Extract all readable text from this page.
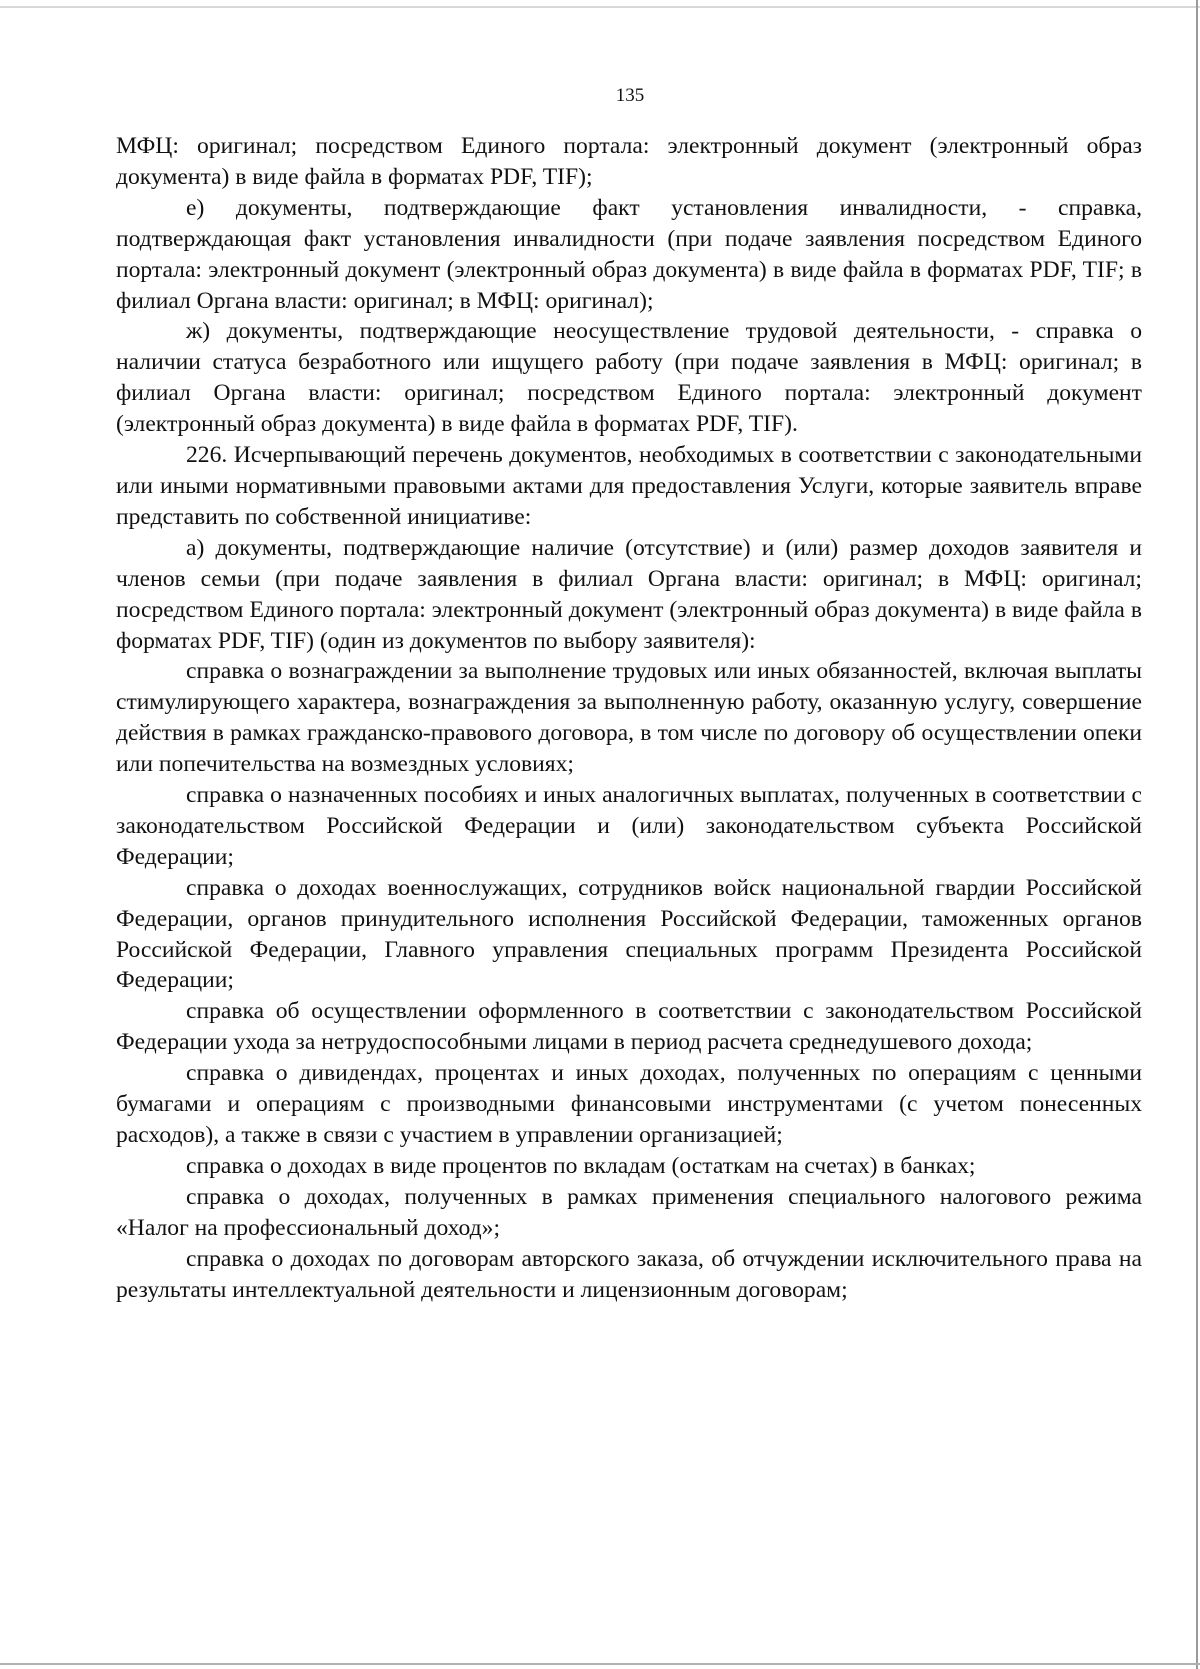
135

МФЦ: оригинал; посредством Единого портала: электронный документ (электронный образ документа) в виде файла в форматах PDF, TIF);

е) документы, подтверждающие факт установления инвалидности, - справка, подтверждающая факт установления инвалидности (при подаче заявления посредством Единого портала: электронный документ (электронный образ документа) в виде файла в форматах PDF, TIF; в филиал Органа власти: оригинал; в МФЦ: оригинал);

ж) документы, подтверждающие неосуществление трудовой деятельности, - справка о наличии статуса безработного или ищущего работу (при подаче заявления в МФЦ: оригинал; в филиал Органа власти: оригинал; посредством Единого портала: электронный документ (электронный образ документа) в виде файла в форматах PDF, TIF).

226. Исчерпывающий перечень документов, необходимых в соответствии с законодательными или иными нормативными правовыми актами для предоставления Услуги, которые заявитель вправе представить по собственной инициативе:

а) документы, подтверждающие наличие (отсутствие) и (или) размер доходов заявителя и членов семьи (при подаче заявления в филиал Органа власти: оригинал; в МФЦ: оригинал; посредством Единого портала: электронный документ (электронный образ документа) в виде файла в форматах PDF, TIF) (один из документов по выбору заявителя):

справка о вознаграждении за выполнение трудовых или иных обязанностей, включая выплаты стимулирующего характера, вознаграждения за выполненную работу, оказанную услугу, совершение действия в рамках гражданско-правового договора, в том числе по договору об осуществлении опеки или попечительства на возмездных условиях;

справка о назначенных пособиях и иных аналогичных выплатах, полученных в соответствии с законодательством Российской Федерации и (или) законодательством субъекта Российской Федерации;

справка о доходах военнослужащих, сотрудников войск национальной гвардии Российской Федерации, органов принудительного исполнения Российской Федерации, таможенных органов Российской Федерации, Главного управления специальных программ Президента Российской Федерации;

справка об осуществлении оформленного в соответствии с законодательством Российской Федерации ухода за нетрудоспособными лицами в период расчета среднедушевого дохода;

справка о дивидендах, процентах и иных доходах, полученных по операциям с ценными бумагами и операциям с производными финансовыми инструментами (с учетом понесенных расходов), а также в связи с участием в управлении организацией;

справка о доходах в виде процентов по вкладам (остаткам на счетах) в банках;

справка о доходах, полученных в рамках применения специального налогового режима «Налог на профессиональный доход»;

справка о доходах по договорам авторского заказа, об отчуждении исключительного права на результаты интеллектуальной деятельности и лицензионным договорам;
